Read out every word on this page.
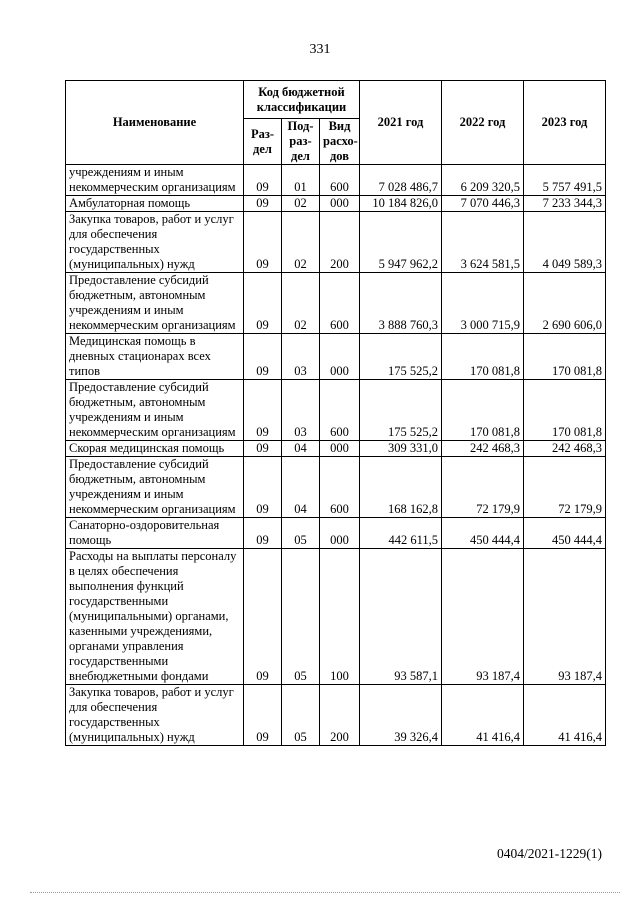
331
Наименование	Код бюджетной классификации			2021 год	2022 год	2023 год
	Раз- дел	Под- раз- дел	Вид расхо- дов			
учреждениям и иным некоммерческим организациям	09	01	600	7 028 486,7	6 209 320,5	5 757 491,5
Амбулаторная помощь	09	02	000	10 184 826,0	7 070 446,3	7 233 344,3
Закупка товаров, работ и услуг для обеспечения государственных (муниципальных) нужд	09	02	200	5 947 962,2	3 624 581,5	4 049 589,3
Предоставление субсидий бюджетным, автономным учреждениям и иным некоммерческим организациям	09	02	600	3 888 760,3	3 000 715,9	2 690 606,0
Медицинская помощь в дневных стационарах всех типов	09	03	000	175 525,2	170 081,8	170 081,8
Предоставление субсидий бюджетным, автономным учреждениям и иным некоммерческим организациям	09	03	600	175 525,2	170 081,8	170 081,8
Скорая медицинская помощь	09	04	000	309 331,0	242 468,3	242 468,3
Предоставление субсидий бюджетным, автономным учреждениям и иным некоммерческим организациям	09	04	600	168 162,8	72 179,9	72 179,9
Санаторно-оздоровительная помощь	09	05	000	442 611,5	450 444,4	450 444,4
Расходы на выплаты персоналу в целях обеспечения выполнения функций государственными (муниципальными) органами, казенными учреждениями, органами управления государственными внебюджетными фондами	09	05	100	93 587,1	93 187,4	93 187,4
Закупка товаров, работ и услуг для обеспечения государственных (муниципальных) нужд	09	05	200	39 326,4	41 416,4	41 416,4
0404/2021-1229(1)
